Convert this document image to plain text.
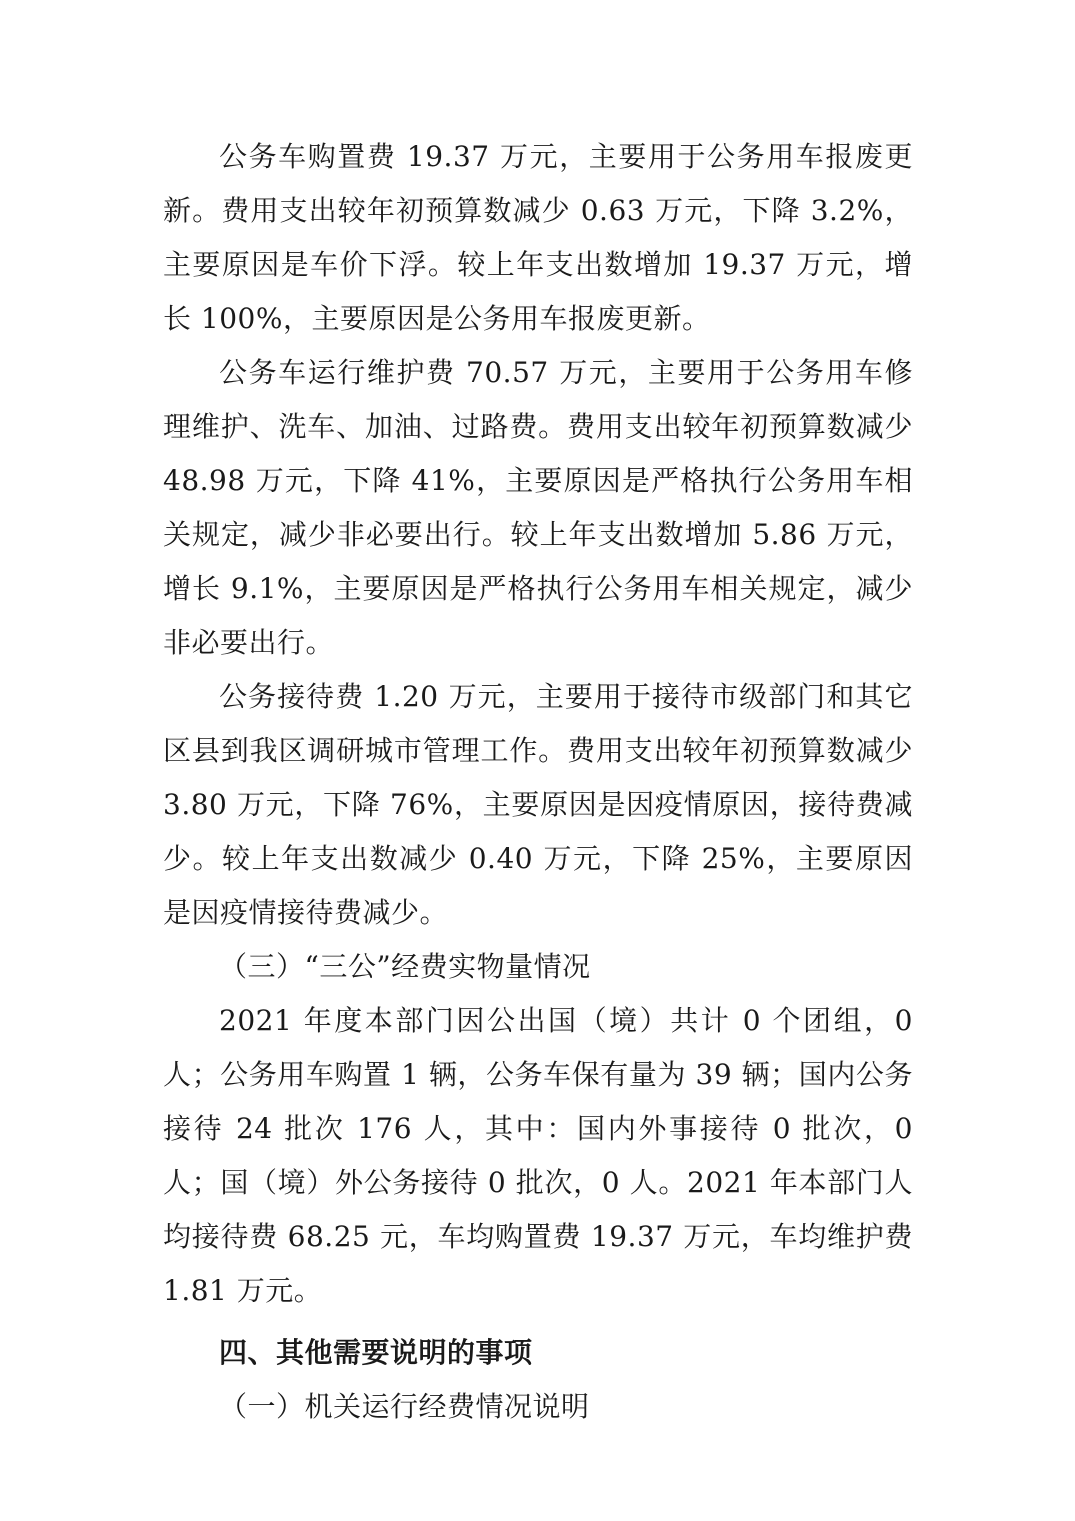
公务车购置费 19.37 万元，主要用于公务用车报废更新。费用支出较年初预算数减少 0.63 万元，下降 3.2%，主要原因是车价下浮。较上年支出数增加 19.37 万元，增长 100%，主要原因是公务用车报废更新。

公务车运行维护费 70.57 万元，主要用于公务用车修理维护、洗车、加油、过路费。费用支出较年初预算数减少 48.98 万元，下降 41%，主要原因是严格执行公务用车相关规定，减少非必要出行。较上年支出数增加 5.86 万元，增长 9.1%，主要原因是严格执行公务用车相关规定，减少非必要出行。

公务接待费 1.20 万元，主要用于接待市级部门和其它区县到我区调研城市管理工作。费用支出较年初预算数减少 3.80 万元，下降 76%，主要原因是因疫情原因，接待费减少。较上年支出数减少 0.40 万元，下降 25%，主要原因是因疫情接待费减少。

（三）“三公”经费实物量情况

2021 年度本部门因公出国（境）共计 0 个团组，0 人；公务用车购置 1 辆，公务车保有量为 39 辆；国内公务接待 24 批次 176 人，其中：国内外事接待 0 批次，0 人；国（境）外公务接待 0 批次，0 人。2021 年本部门人均接待费 68.25 元，车均购置费 19.37 万元，车均维护费 1.81 万元。

四、其他需要说明的事项

（一）机关运行经费情况说明
